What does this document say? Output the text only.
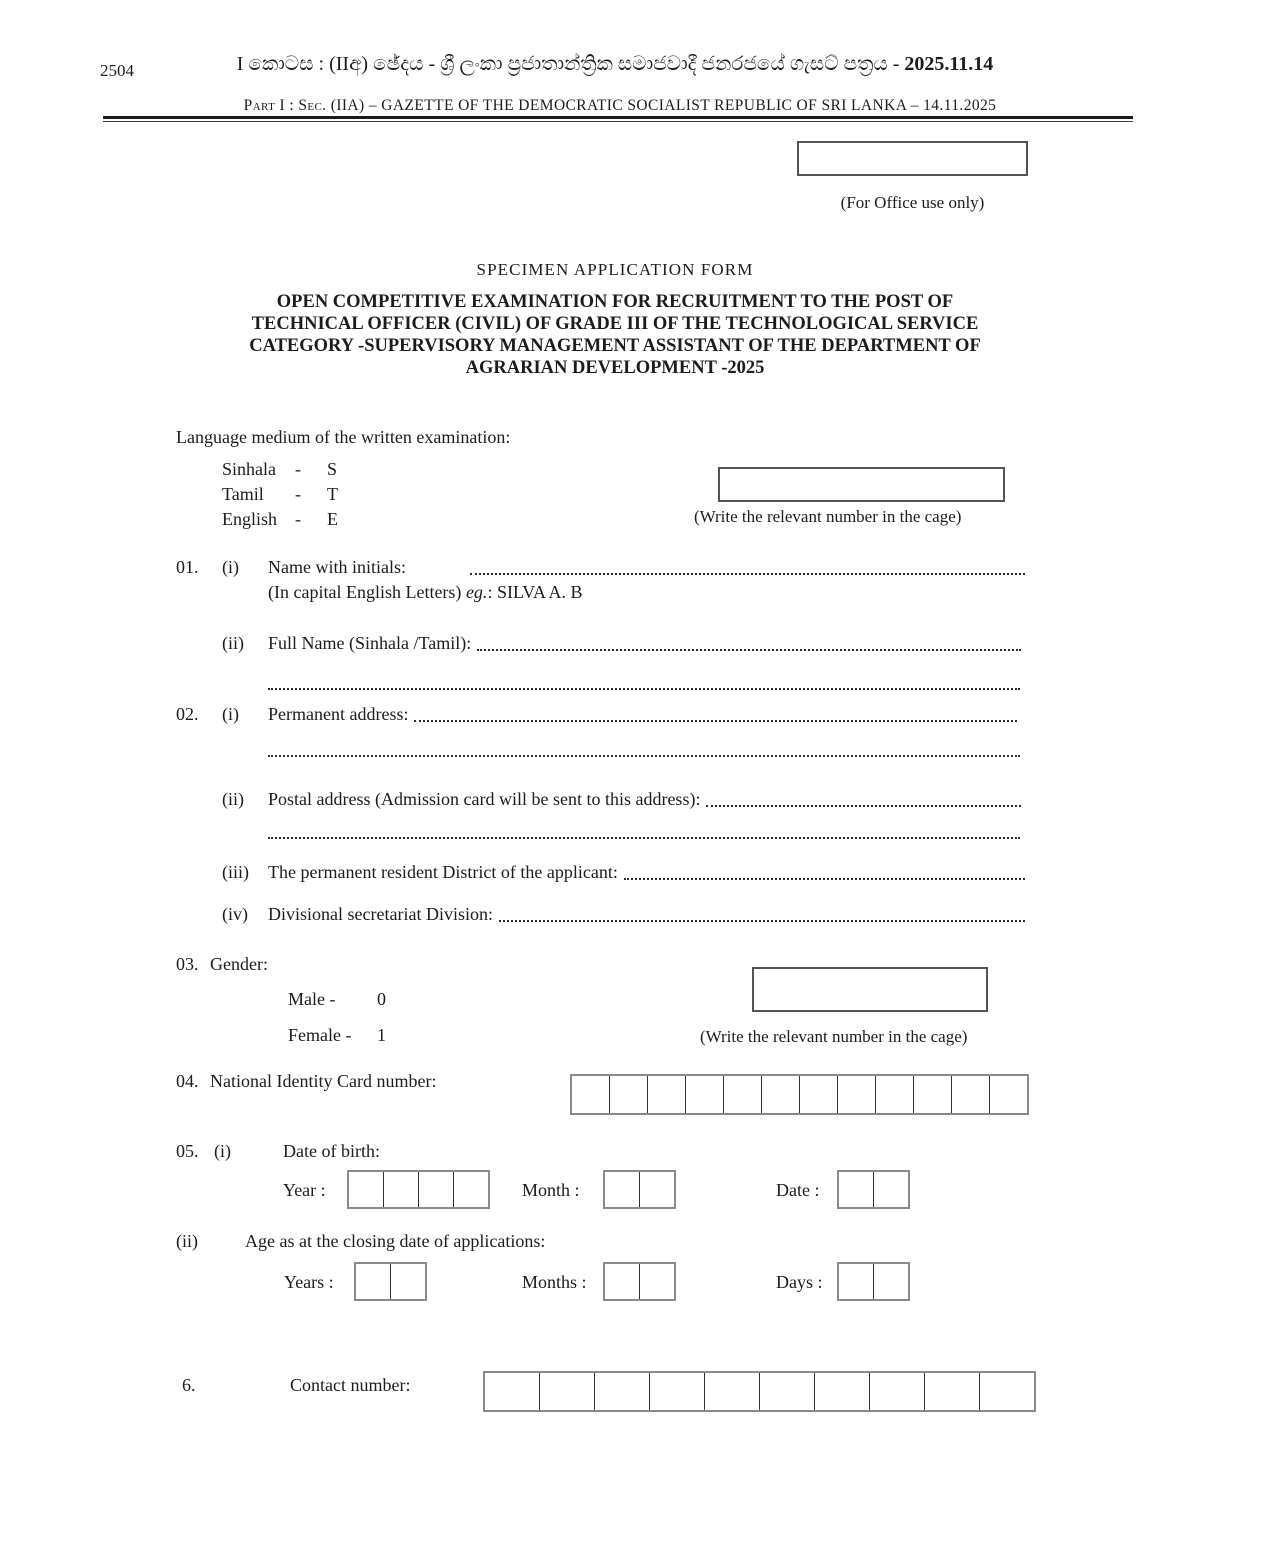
2504	I කොටස : (IIඅ) ඡේදය - ශ්‍රී ලංකා ප්‍රජාතාන්ත්‍රික සමාජවාදී ජනරජයේ ගැසට් පත්‍රය - 2025.11.14
Part I : Sec. (IIA) – GAZETTE OF THE DEMOCRATIC SOCIALIST REPUBLIC OF SRI LANKA – 14.11.2025
(For Office use only)
SPECIMEN APPLICATION FORM
OPEN COMPETITIVE EXAMINATION FOR RECRUITMENT TO THE POST OF
TECHNICAL OFFICER (CIVIL) OF GRADE III OF THE TECHNOLOGICAL SERVICE
CATEGORY -SUPERVISORY MANAGEMENT ASSISTANT OF THE DEPARTMENT OF
AGRARIAN DEVELOPMENT -2025
Language medium of the written examination:
Sinhala	-	S
Tamil	-	T
English -	E	(Write the relevant number in the cage)
01.	(i)	Name with initials:
(In capital English Letters) eg.: SILVA A. B
(ii)	Full Name (Sinhala /Tamil):
02.	(i)	Permanent address:
(ii)	Postal address (Admission card will be sent to this address):
(iii)	The permanent resident District of the applicant:
(iv)	Divisional secretariat Division:
03. Gender:
Male -	0
Female -	1	(Write the relevant number in the cage)
04. National Identity Card number:
05. (i)	Date of birth:
Year :	Month :	Date :
(ii)	Age as at the closing date of applications:
Years :	Months :	Days :
6.	Contact number:
